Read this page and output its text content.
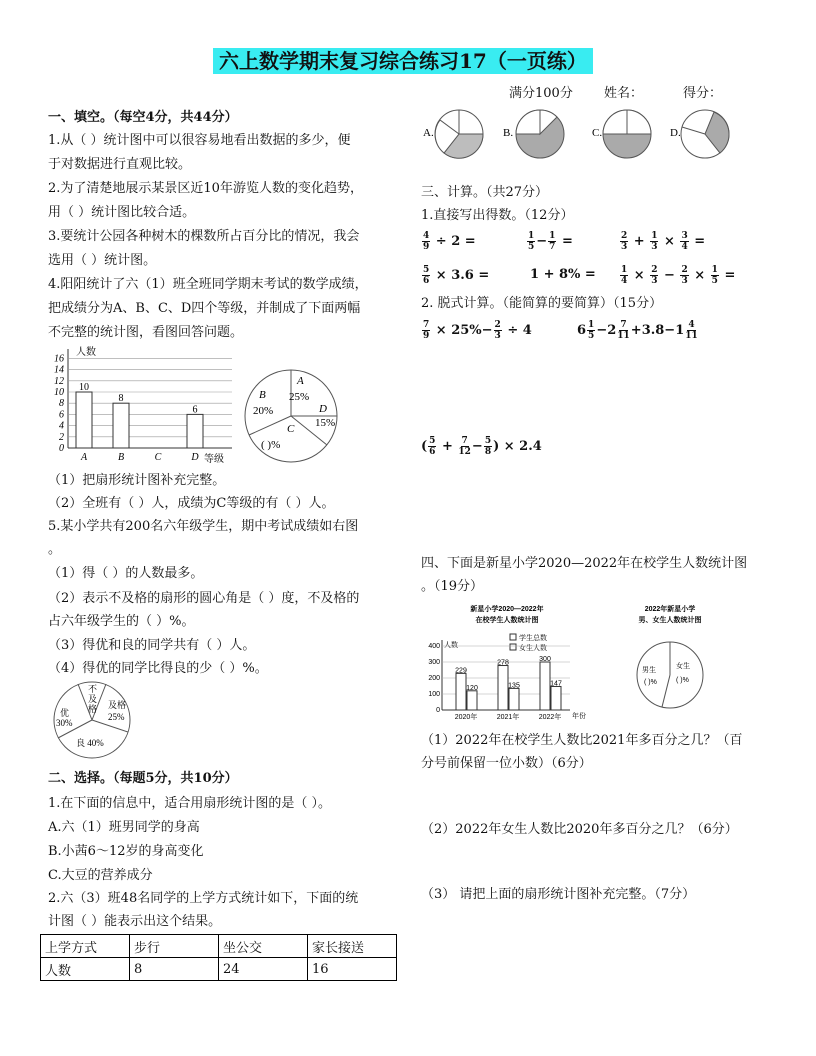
六上数学期末复习综合练习17（一页练）
满分100分 姓名：	得分：
A.	B.	C.	D.
一、填空。（每空4分，共44分）
1.从（ ）统计图中可以很容易地看出数据的多少，便
于对数据进行直观比较。
2.为了清楚地展示某景区近10年游览人数的变化趋势，
用（ ）统计图比较合适。
3.要统计公园各种树木的棵数所占百分比的情况，我会
选用（ ）统计图。
4.阳阳统计了六（1）班全班同学期末考试的数学成绩，
把成绩分为A、B、C、D四个等级，并制成了下面两幅
不完整的统计图，看图回答问题。
人数
16
14
12
10
8
6
4
2
0
10
A
8
B	C
6
D 等级
A
25%
B
20%	D
15%
C
( )%
（1）把扇形统计图补充完整。
（2）全班有（ ）人，成绩为C等级的有（ ）人。
5.某小学共有200名六年级学生，期中考试成绩如右图
。
（1）得（ ）的人数最多。
（2）表示不及格的扇形的圆心角是（ ）度，不及格的
占六年级学生的（ ）%。
（3）得优和良的同学共有（ ）人。
（4）得优的同学比得良的少（ ）%。
不
及
格 及格
25%
优
30%
良 40%
二、选择。（每题5分，共10分）
1.在下面的信息中，适合用扇形统计图的是（ ）。
A.六（1）班男同学的身高
B.小茜6～12岁的身高变化
C.大豆的营养成分
2.六（3）班48名同学的上学方式统计如下，下面的统
计图（ ）能表示出这个结果。
上学方式	步行	坐公交	家长接送
人数	8	24	16
三、计算。（共27分）
1.直接写出得数。（12分）
$\frac{4}{9} \div 2$ =	$\frac{1}{5} - \frac{1}{7}$ =	$\frac{2}{3} + \frac{1}{3} \times \frac{3}{4}$ =
$\frac{5}{6} \times 3.6$ =	1 + 8% =	$\frac{1}{4} \times \frac{2}{3} - \frac{2}{3} \times \frac{1}{5}$ =
2. 脱式计算。（能简算的要简算）（15分）
$\frac{7}{9} \times 25\%- \frac{2}{3} \div 4$	$6 \frac{1}{5} -2 \frac{7}{11} +3.8-1 \frac{4}{11}$
( $\frac{5}{6} + \frac{7}{12} - \frac{5}{8}$ ) × 2.4
四、下面是新星小学2020—2022年在校学生人数统计图
。（19分）
新星小学2020—2022年
在校学生人数统计图
人数
学生总数
女生人数
400
300
200
100
0
229
120
2020年
278
135
2021年
300
147
2022年 年份
2022年新星小学
男、女生人数统计图
男生
( )%
女生
( )%
（1）2022年在校学生人数比2021年多百分之几？（百
分号前保留一位小数）（6分）
（2）2022年女生人数比2020年多百分之几？（6分）
（3） 请把上面的扇形统计图补充完整。（7分）
